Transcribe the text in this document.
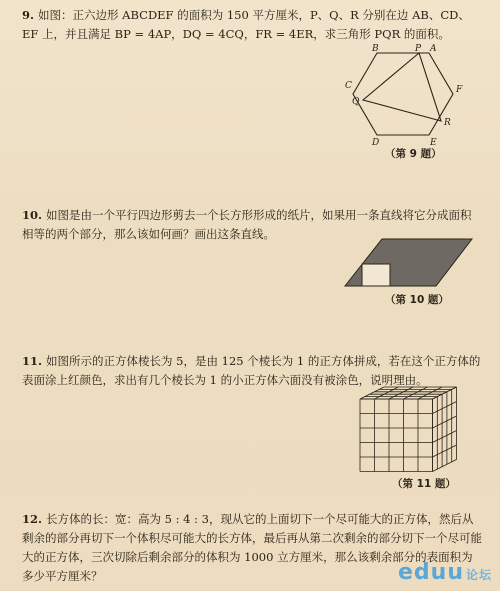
9. 如图：正六边形 ABCDEF 的面积为 150 平方厘米，P、Q、R 分别在边 AB、CD、EF 上，并且满足 BP = 4AP，DQ = 4CQ，FR = 4ER，求三角形 PQR 的面积。
B	P A
C
Q
F
D
R
E
（第 9 题）
10. 如图是由一个平行四边形剪去一个长方形形成的纸片，如果用一条直线将它分成面积相等的两个部分，那么该如何画？画出这条直线。
（第 10 题）
11. 如图所示的正方体棱长为 5，是由 125 个棱长为 1 的正方体拼成，若在这个正方体的表面涂上红颜色，求出有几个棱长为 1 的小正方体六面没有被涂色，说明理由。
（第 11 题）
12. 长方体的长：宽：高为 5 : 4 : 3，现从它的上面切下一个尽可能大的正方体，然后从剩余的部分再切下一个体积尽可能大的长方体，最后再从第二次剩余的部分切下一个尽可能大的正方体，三次切除后剩余部分的体积为 1000 立方厘米，那么该剩余部分的表面积为多少平方厘米？	eduu 论坛
